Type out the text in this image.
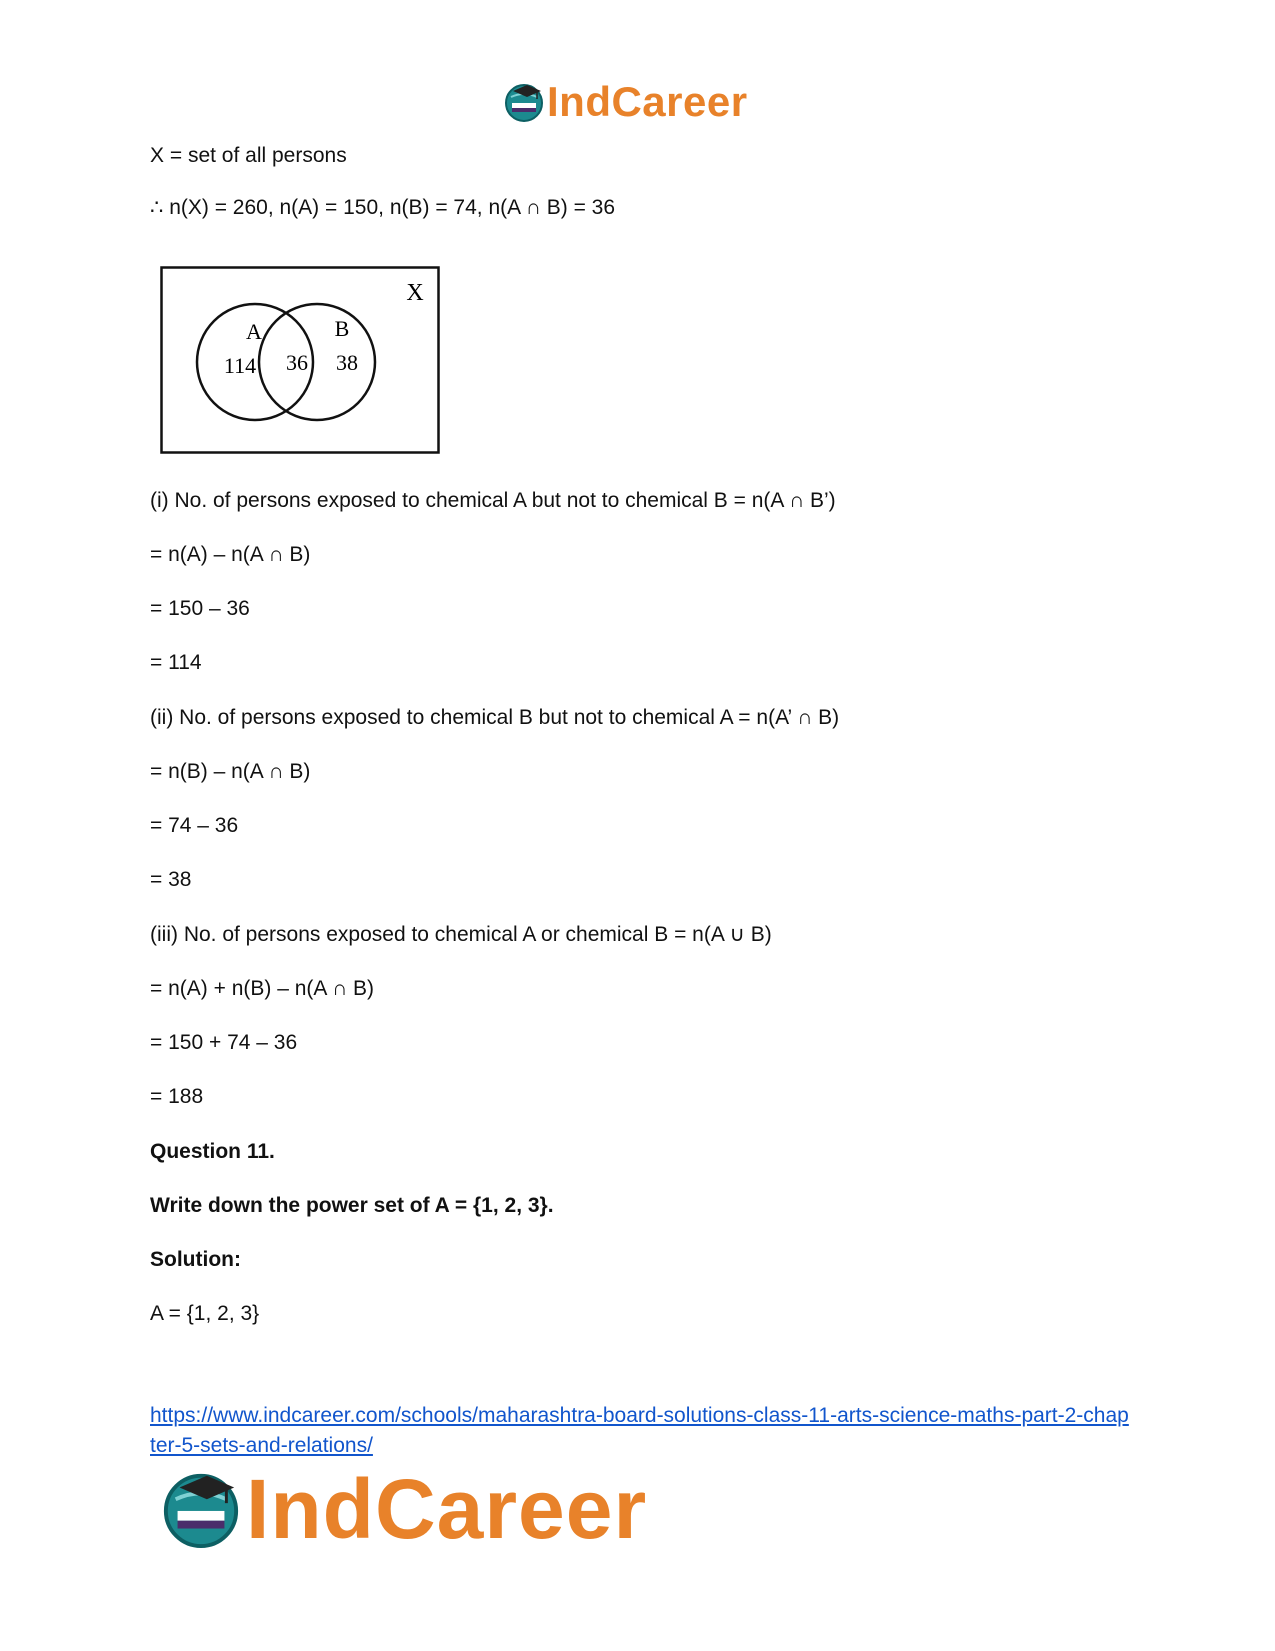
IndCareer
X = set of all persons
∴ n(X) = 260, n(A) = 150, n(B) = 74, n(A ∩ B) = 36
X
A	B
114 36 38
(i) No. of persons exposed to chemical A but not to chemical B = n(A ∩ B’)
= n(A) – n(A ∩ B)
= 150 – 36
= 114
(ii) No. of persons exposed to chemical B but not to chemical A = n(A’ ∩ B)
= n(B) – n(A ∩ B)
= 74 – 36
= 38
(iii) No. of persons exposed to chemical A or chemical B = n(A ∪ B)
= n(A) + n(B) – n(A ∩ B)
= 150 + 74 – 36
= 188
Question 11.
Write down the power set of A = {1, 2, 3}.
Solution:
A = {1, 2, 3}
https://www.indcareer.com/schools/maharashtra-board-solutions-class-11-arts-science-maths-part-2-chapter-5-sets-and-relations/
IndCareer
